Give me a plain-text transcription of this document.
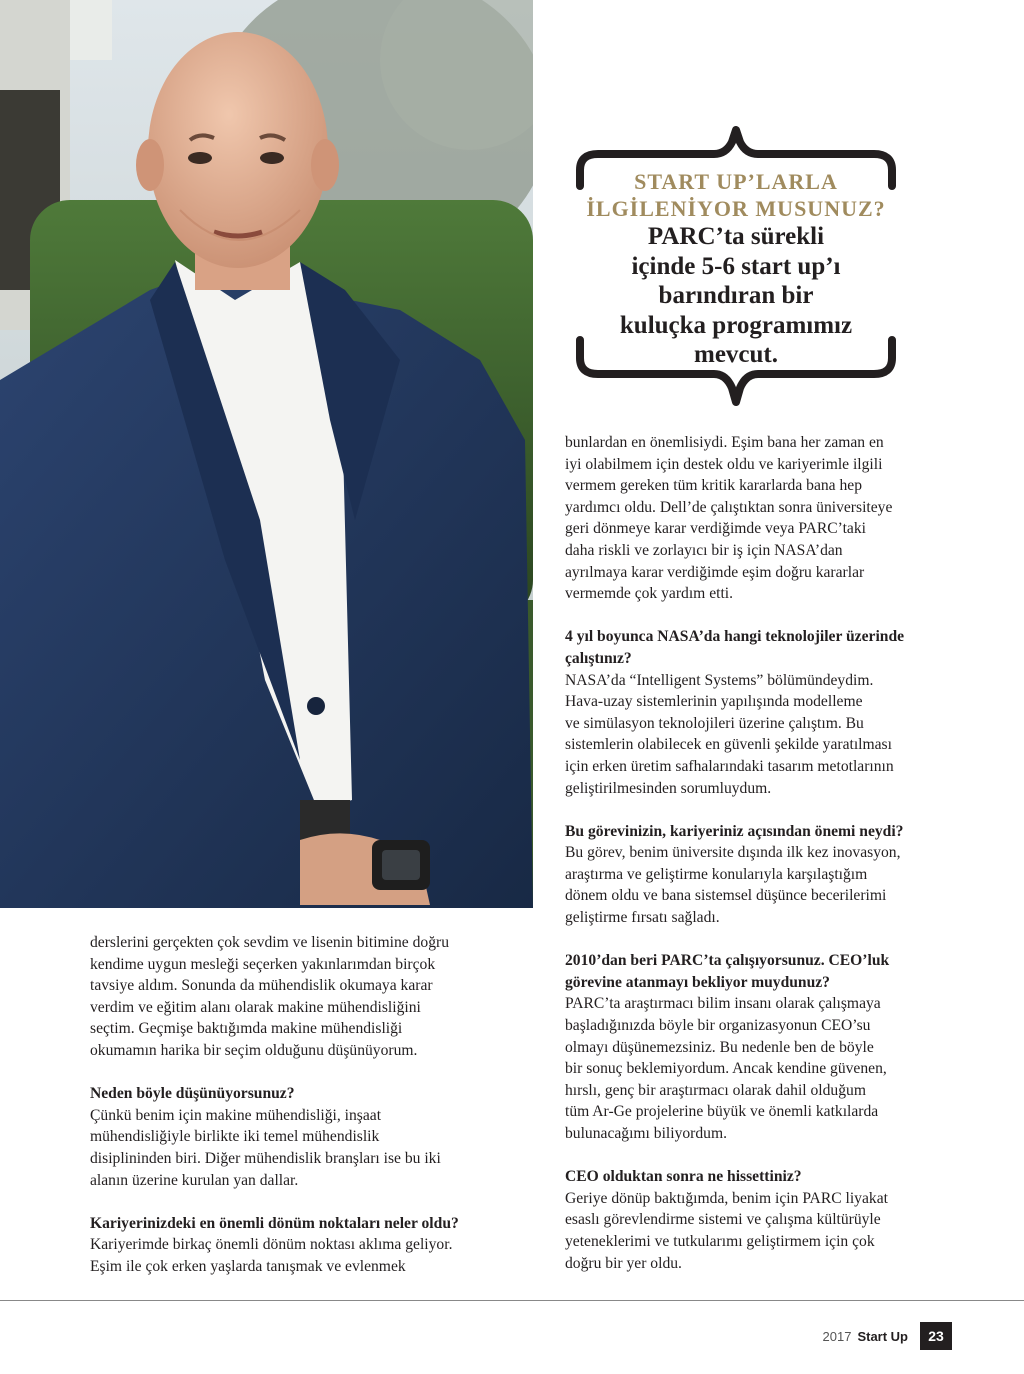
START UP’LARLA
İLGİLENİYOR MUSUNUZ?
PARC’ta sürekli
içinde 5-6 start up’ı
barındıran bir
kuluçka programımız
mevcut.

bunlardan en önemlisiydi. Eşim bana her zaman en

iyi olabilmem için destek oldu ve kariyerimle ilgili

vermem gereken tüm kritik kararlarda bana hep

yardımcı oldu. Dell’de çalıştıktan sonra üniversiteye

geri dönmeye karar verdiğimde veya PARC’taki

daha riskli ve zorlayıcı bir iş için NASA’dan

ayrılmaya karar verdiğimde eşim doğru kararlar

vermemde çok yardım etti.

4 yıl boyunca NASA’da hangi teknolojiler üzerinde

çalıştınız?

NASA’da “Intelligent Systems” bölümündeydim.

Hava-uzay sistemlerinin yapılışında modelleme

ve simülasyon teknolojileri üzerine çalıştım. Bu

sistemlerin olabilecek en güvenli şekilde yaratılması

için erken üretim safhalarındaki tasarım metotlarının

geliştirilmesinden sorumluydum.

Bu görevinizin, kariyeriniz açısından önemi neydi?

Bu görev, benim üniversite dışında ilk kez inovasyon,

araştırma ve geliştirme konularıyla karşılaştığım

dönem oldu ve bana sistemsel düşünce becerilerimi

geliştirme fırsatı sağladı.

2010’dan beri PARC’ta çalışıyorsunuz. CEO’luk

görevine atanmayı bekliyor muydunuz?

PARC’ta araştırmacı bilim insanı olarak çalışmaya

başladığınızda böyle bir organizasyonun CEO’su

olmayı düşünemezsiniz. Bu nedenle ben de böyle

bir sonuç beklemiyordum. Ancak kendine güvenen,

hırslı, genç bir araştırmacı olarak dahil olduğum

tüm Ar-Ge projelerine büyük ve önemli katkılarda

bulunacağımı biliyordum.

CEO olduktan sonra ne hissettiniz?

Geriye dönüp baktığımda, benim için PARC liyakat

esaslı görevlendirme sistemi ve çalışma kültürüyle

yeteneklerimi ve tutkularımı geliştirmem için çok

doğru bir yer oldu.

derslerini gerçekten çok sevdim ve lisenin bitimine doğru

kendime uygun mesleği seçerken yakınlarımdan birçok

tavsiye aldım. Sonunda da mühendislik okumaya karar

verdim ve eğitim alanı olarak makine mühendisliğini

seçtim. Geçmişe baktığımda makine mühendisliği

okumamın harika bir seçim olduğunu düşünüyorum.

Neden böyle düşünüyorsunuz?

Çünkü benim için makine mühendisliği, inşaat

mühendisliğiyle birlikte iki temel mühendislik

disiplininden biri. Diğer mühendislik branşları ise bu iki

alanın üzerine kurulan yan dallar.

Kariyerinizdeki en önemli dönüm noktaları neler oldu?

Kariyerimde birkaç önemli dönüm noktası aklıma geliyor.

Eşim ile çok erken yaşlarda tanışmak ve evlenmek

2017 Start Up	23
